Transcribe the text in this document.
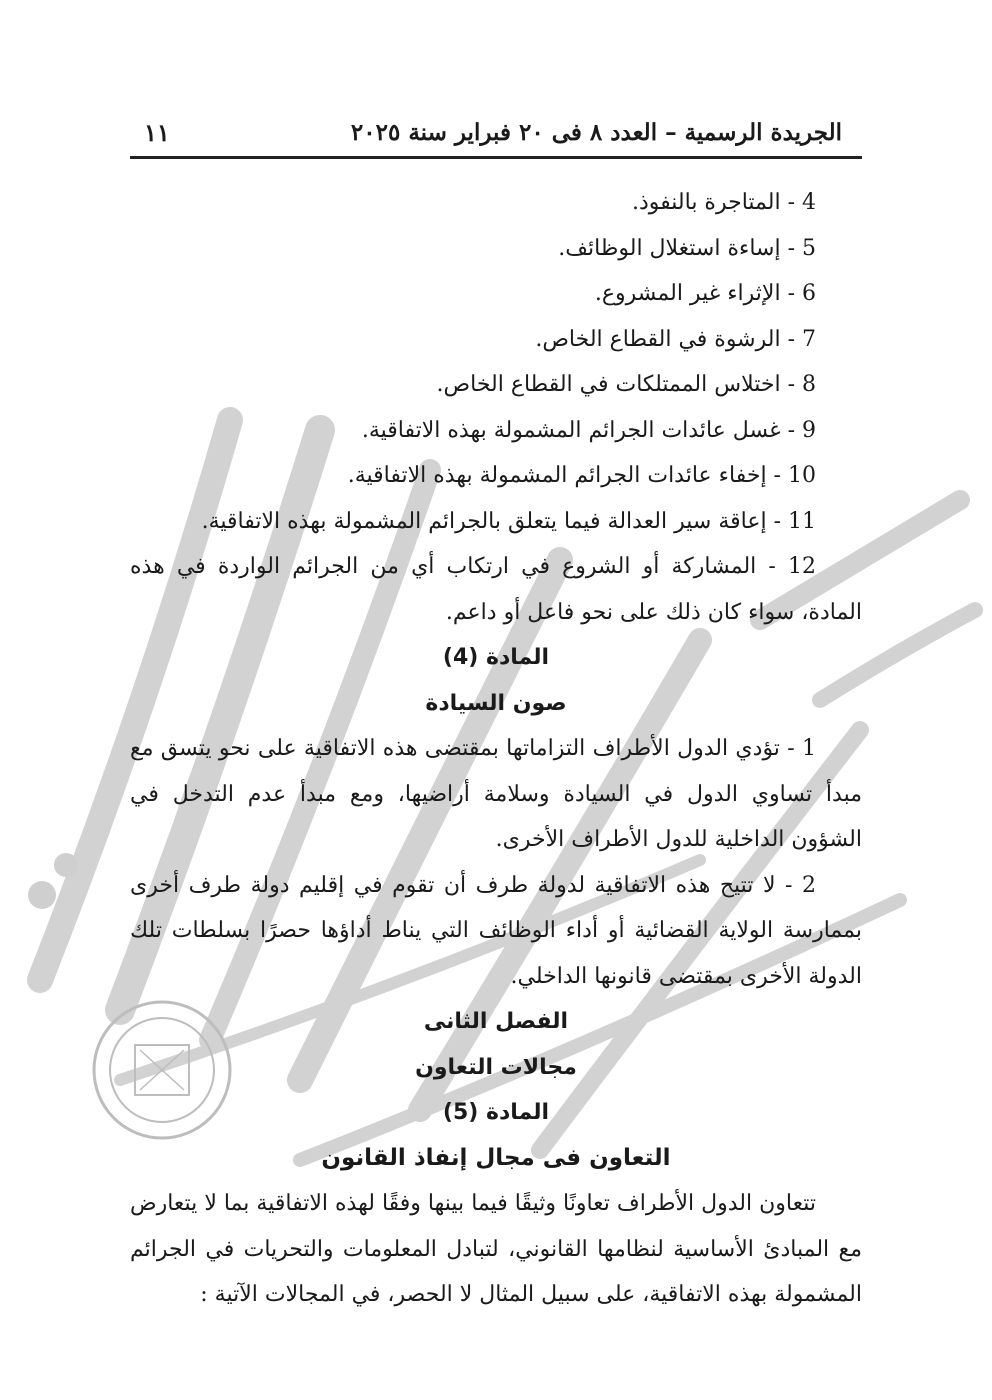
الجريدة الرسمية – العدد ٨ فى ٢٠ فبراير سنة ٢٠٢٥
١١

4 - المتاجرة بالنفوذ.

5 - إساءة استغلال الوظائف.

6 - الإثراء غير المشروع.

7 - الرشوة في القطاع الخاص.

8 - اختلاس الممتلكات في القطاع الخاص.

9 - غسل عائدات الجرائم المشمولة بهذه الاتفاقية.

10 - إخفاء عائدات الجرائم المشمولة بهذه الاتفاقية.

11 - إعاقة سير العدالة فيما يتعلق بالجرائم المشمولة بهذه الاتفاقية.

12 - المشاركة أو الشروع في ارتكاب أي من الجرائم الواردة في هذه المادة، سواء كان ذلك على نحو فاعل أو داعم.

المادة (4)

صون السيادة

1 - تؤدي الدول الأطراف التزاماتها بمقتضى هذه الاتفاقية على نحو يتسق مع مبدأ تساوي الدول في السيادة وسلامة أراضيها، ومع مبدأ عدم التدخل في الشؤون الداخلية للدول الأطراف الأخرى.

2 - لا تتيح هذه الاتفاقية لدولة طرف أن تقوم في إقليم دولة طرف أخرى بممارسة الولاية القضائية أو أداء الوظائف التي يناط أداؤها حصرًا بسلطات تلك الدولة الأخرى بمقتضى قانونها الداخلي.

الفصل الثانى

مجالات التعاون

المادة (5)

التعاون فى مجال إنفاذ القانون

تتعاون الدول الأطراف تعاونًا وثيقًا فيما بينها وفقًا لهذه الاتفاقية بما لا يتعارض مع المبادئ الأساسية لنظامها القانوني، لتبادل المعلومات والتحريات في الجرائم المشمولة بهذه الاتفاقية، على سبيل المثال لا الحصر، في المجالات الآتية :
